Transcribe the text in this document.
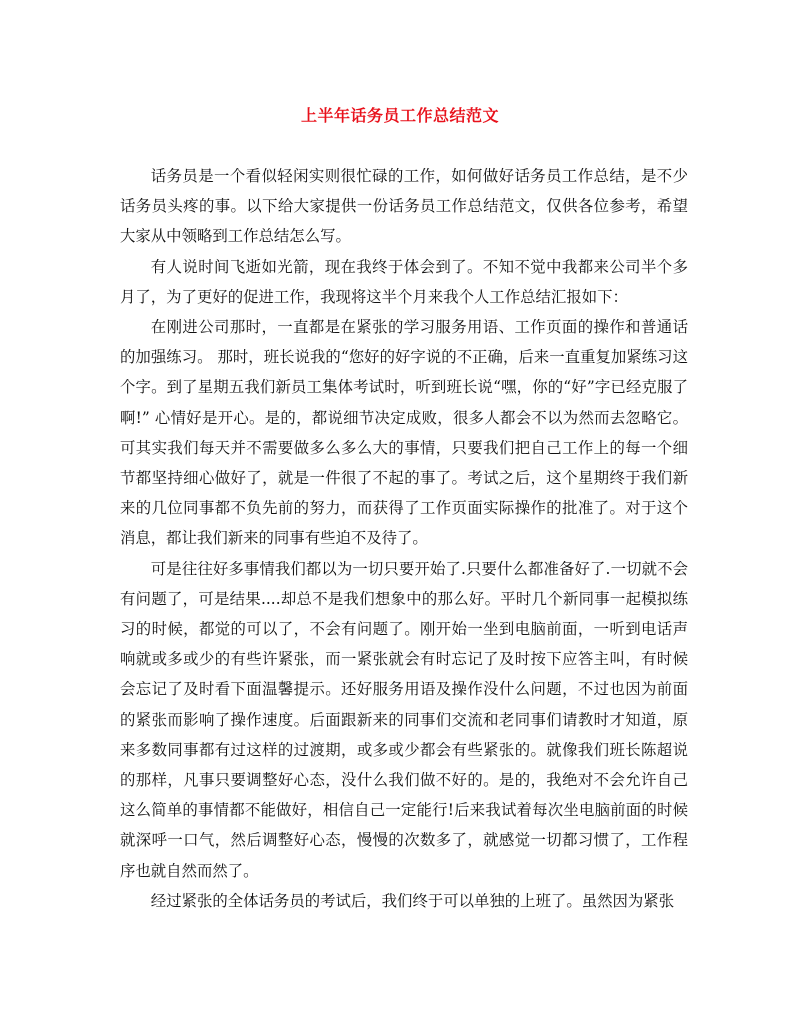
上半年话务员工作总结范文

话务员是一个看似轻闲实则很忙碌的工作，如何做好话务员工作总结，是不少话务员头疼的事。以下给大家提供一份话务员工作总结范文，仅供各位参考，希望大家从中领略到工作总结怎么写。

有人说时间飞逝如光箭，现在我终于体会到了。不知不觉中我都来公司半个多月了，为了更好的促进工作，我现将这半个月来我个人工作总结汇报如下：

在刚进公司那时，一直都是在紧张的学习服务用语、工作页面的操作和普通话的加强练习。 那时，班长说我的“您好的好字说的不正确，后来一直重复加紧练习这个字。到了星期五我们新员工集体考试时，听到班长说“嘿，你的“好”字已经克服了啊!” 心情好是开心。是的，都说细节决定成败，很多人都会不以为然而去忽略它。可其实我们每天并不需要做多么多么大的事情，只要我们把自己工作上的每一个细节都坚持细心做好了，就是一件很了不起的事了。考试之后，这个星期终于我们新来的几位同事都不负先前的努力，而获得了工作页面实际操作的批准了。对于这个消息，都让我们新来的同事有些迫不及待了。

可是往往好多事情我们都以为一切只要开始了.只要什么都准备好了.一切就不会有问题了，可是结果....却总不是我们想象中的那么好。平时几个新同事一起模拟练习的时候，都觉的可以了，不会有问题了。刚开始一坐到电脑前面，一听到电话声响就或多或少的有些许紧张，而一紧张就会有时忘记了及时按下应答主叫，有时候会忘记了及时看下面温馨提示。还好服务用语及操作没什么问题，不过也因为前面的紧张而影响了操作速度。后面跟新来的同事们交流和老同事们请教时才知道，原来多数同事都有过这样的过渡期，或多或少都会有些紧张的。就像我们班长陈超说的那样，凡事只要调整好心态，没什么我们做不好的。是的，我绝对不会允许自己这么简单的事情都不能做好，相信自己一定能行!后来我试着每次坐电脑前面的时候就深呼一口气，然后调整好心态，慢慢的次数多了，就感觉一切都习惯了，工作程序也就自然而然了。

经过紧张的全体话务员的考试后，我们终于可以单独的上班了。虽然因为紧张
